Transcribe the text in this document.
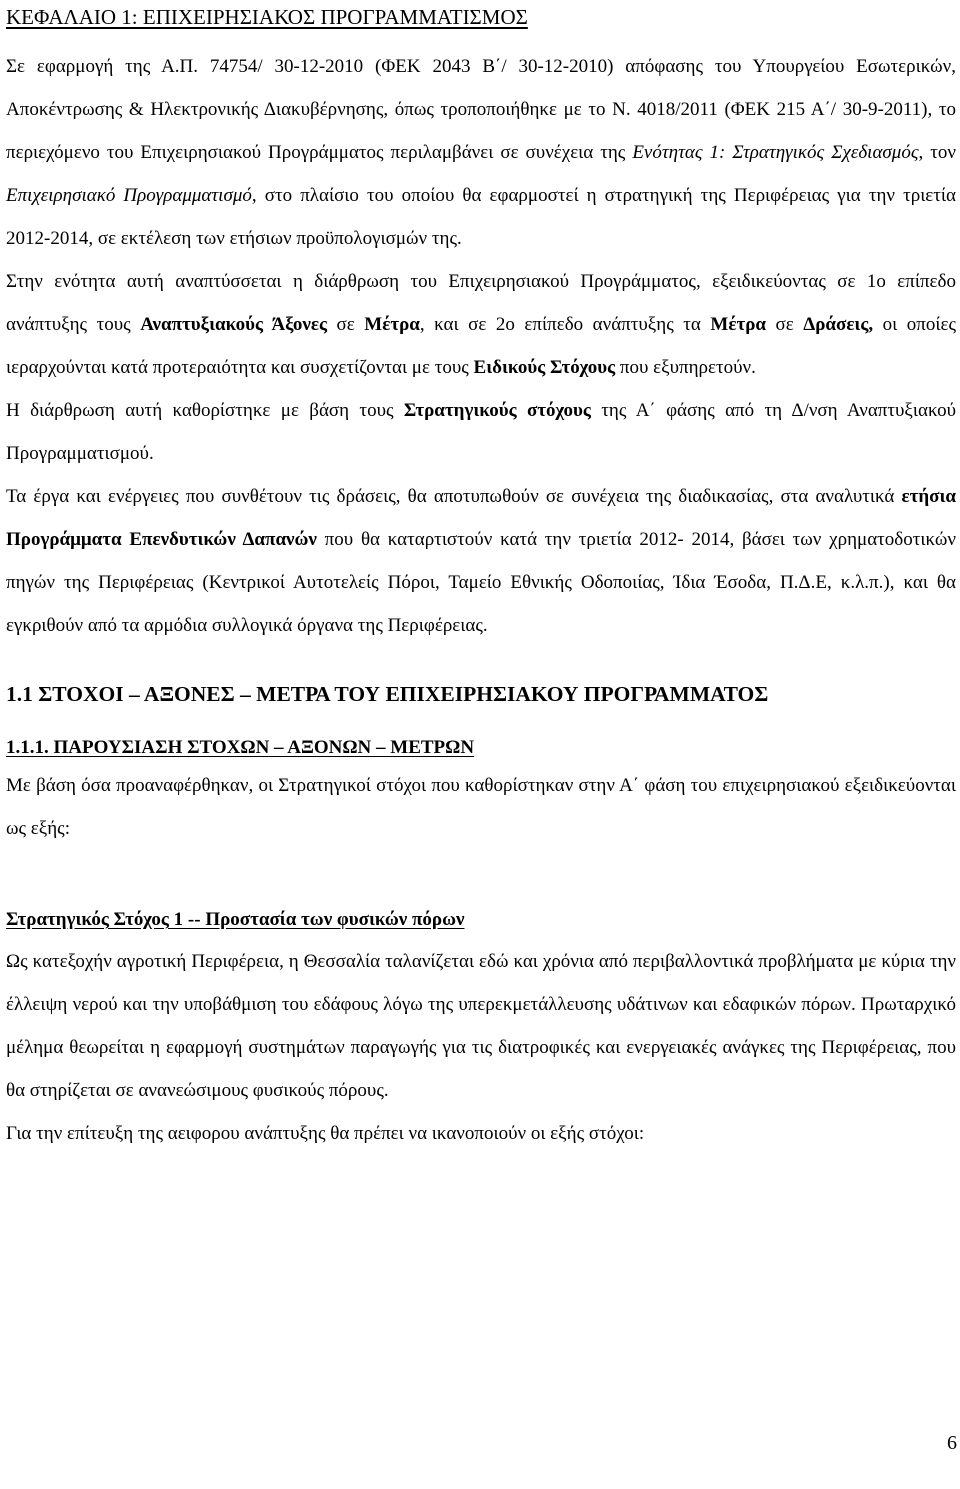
ΚΕΦΑΛΑΙΟ 1: ΕΠΙΧΕΙΡΗΣΙΑΚΟΣ ΠΡΟΓΡΑΜΜΑΤΙΣΜΟΣ

Σε εφαρμογή της Α.Π. 74754/ 30-12-2010 (ΦΕΚ 2043 Β΄/ 30-12-2010) απόφασης του Υπουργείου Εσωτερικών, Αποκέντρωσης & Ηλεκτρονικής Διακυβέρνησης, όπως τροποποιήθηκε με το Ν. 4018/2011 (ΦΕΚ 215 Α΄/ 30-9-2011), το περιεχόμενο του Επιχειρησιακού Προγράμματος περιλαμβάνει σε συνέχεια της Ενότητας 1: Στρατηγικός Σχεδιασμός, τον Επιχειρησιακό Προγραμματισμό, στο πλαίσιο του οποίου θα εφαρμοστεί η στρατηγική της Περιφέρειας για την τριετία 2012-2014, σε εκτέλεση των ετήσιων προϋπολογισμών της.

Στην ενότητα αυτή αναπτύσσεται η διάρθρωση του Επιχειρησιακού Προγράμματος, εξειδικεύοντας σε 1ο επίπεδο ανάπτυξης τους Αναπτυξιακούς Άξονες σε Μέτρα, και σε 2ο επίπεδο ανάπτυξης τα Μέτρα σε Δράσεις, οι οποίες ιεραρχούνται κατά προτεραιότητα και συσχετίζονται με τους Ειδικούς Στόχους που εξυπηρετούν.

Η διάρθρωση αυτή καθορίστηκε με βάση τους Στρατηγικούς στόχους της Α΄ φάσης από τη Δ/νση Αναπτυξιακού Προγραμματισμού.

Τα έργα και ενέργειες που συνθέτουν τις δράσεις, θα αποτυπωθούν σε συνέχεια της διαδικασίας, στα αναλυτικά ετήσια Προγράμματα Επενδυτικών Δαπανών που θα καταρτιστούν κατά την τριετία 2012- 2014, βάσει των χρηματοδοτικών πηγών της Περιφέρειας (Κεντρικοί Αυτοτελείς Πόροι, Ταμείο Εθνικής Οδοποιίας, Ίδια Έσοδα, Π.Δ.Ε, κ.λ.π.), και θα εγκριθούν από τα αρμόδια συλλογικά όργανα της Περιφέρειας.

1.1 ΣΤΟΧΟΙ – ΑΞΟΝΕΣ – ΜΕΤΡΑ ΤΟΥ ΕΠΙΧΕΙΡΗΣΙΑΚΟΥ ΠΡΟΓΡΑΜΜΑΤΟΣ
1.1.1. ΠΑΡΟΥΣΙΑΣΗ ΣΤΟΧΩΝ – ΑΞΟΝΩΝ – ΜΕΤΡΩΝ

Με βάση όσα προαναφέρθηκαν, οι Στρατηγικοί στόχοι που καθορίστηκαν στην Α΄ φάση του επιχειρησιακού εξειδικεύονται ως εξής:

Στρατηγικός Στόχος 1 -- Προστασία των φυσικών πόρων

Ως κατεξοχήν αγροτική Περιφέρεια, η Θεσσαλία ταλανίζεται εδώ και χρόνια από περιβαλλοντικά προβλήματα με κύρια την έλλειψη νερού και την υποβάθμιση του εδάφους λόγω της υπερεκμετάλλευσης υδάτινων και εδαφικών πόρων. Πρωταρχικό μέλημα θεωρείται η εφαρμογή συστημάτων παραγωγής για τις διατροφικές και ενεργειακές ανάγκες της Περιφέρειας, που θα στηρίζεται σε ανανεώσιμους φυσικούς πόρους.

Για την επίτευξη της αειφορου ανάπτυξης θα πρέπει να ικανοποιούν οι εξής στόχοι:

6
